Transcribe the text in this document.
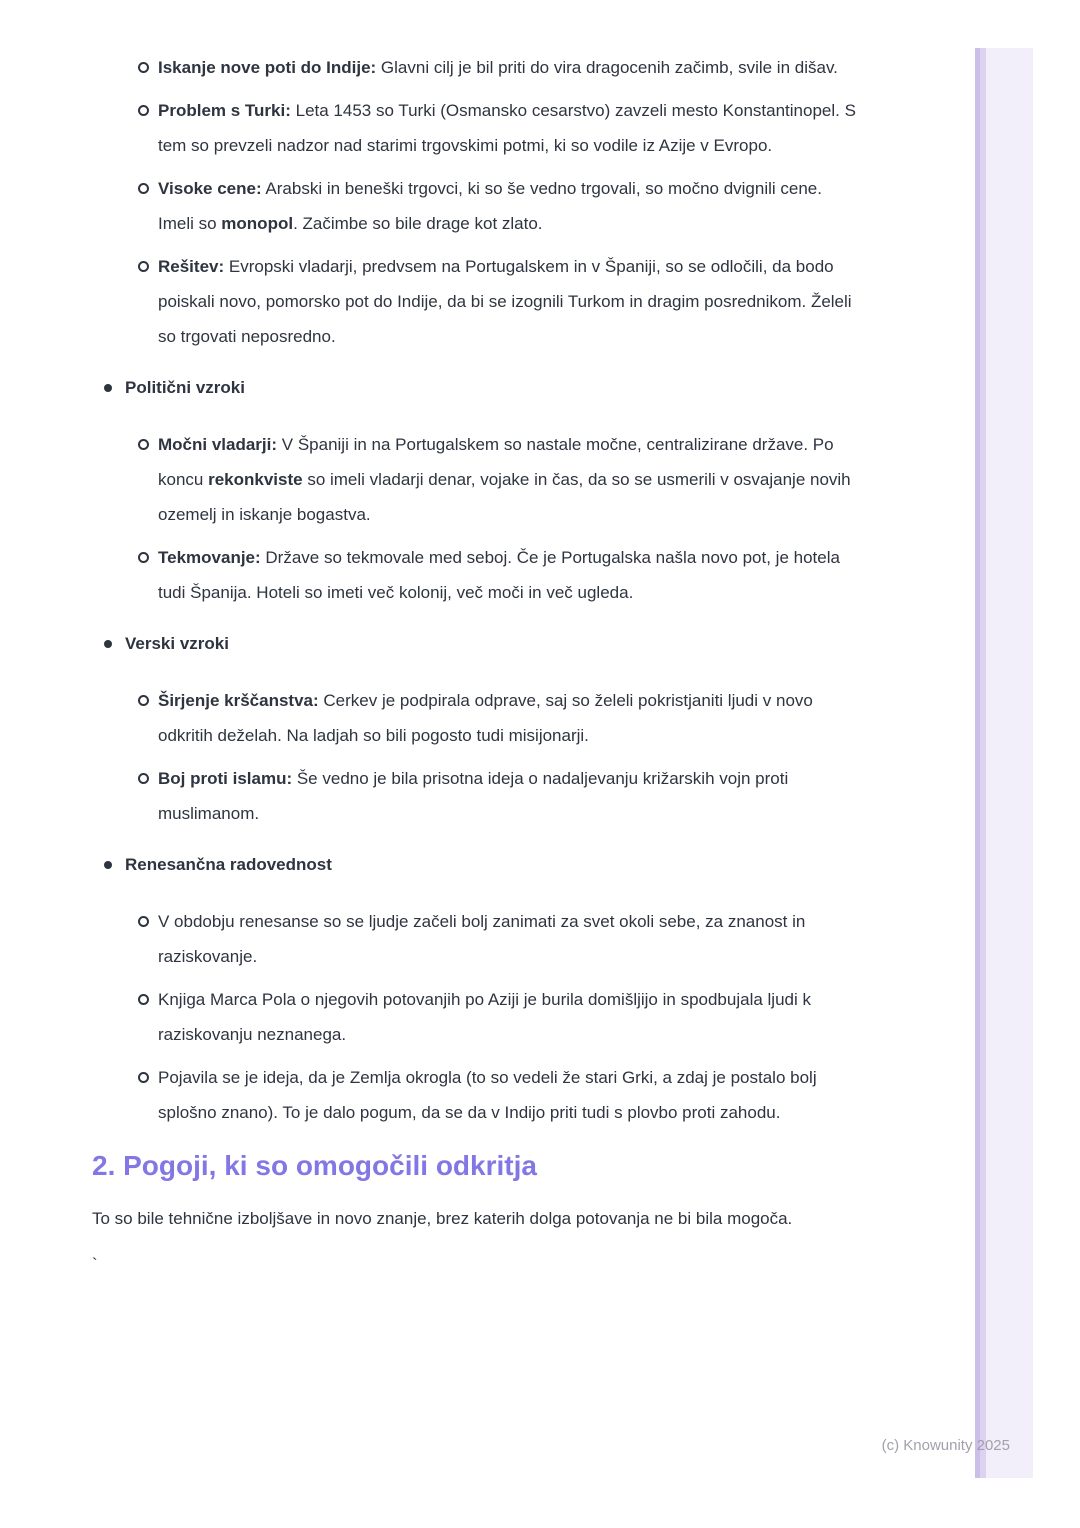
Iskanje nove poti do Indije: Glavni cilj je bil priti do vira dragocenih začimb, svile in dišav.
Problem s Turki: Leta 1453 so Turki (Osmansko cesarstvo) zavzeli mesto Konstantinopel. S tem so prevzeli nadzor nad starimi trgovskimi potmi, ki so vodile iz Azije v Evropo.
Visoke cene: Arabski in beneški trgovci, ki so še vedno trgovali, so močno dvignili cene. Imeli so monopol. Začimbe so bile drage kot zlato.
Rešitev: Evropski vladarji, predvsem na Portugalskem in v Španiji, so se odločili, da bodo poiskali novo, pomorsko pot do Indije, da bi se izognili Turkom in dragim posrednikom. Želeli so trgovati neposredno.
Politični vzroki
Močni vladarji: V Španiji in na Portugalskem so nastale močne, centralizirane države. Po koncu rekonkviste so imeli vladarji denar, vojake in čas, da so se usmerili v osvajanje novih ozemelj in iskanje bogastva.
Tekmovanje: Države so tekmovale med seboj. Če je Portugalska našla novo pot, je hotela tudi Španija. Hoteli so imeti več kolonij, več moči in več ugleda.
Verski vzroki
Širjenje krščanstva: Cerkev je podpirala odprave, saj so želeli pokristjaniti ljudi v novo odkritih deželah. Na ladjah so bili pogosto tudi misijonarji.
Boj proti islamu: Še vedno je bila prisotna ideja o nadaljevanju križarskih vojn proti muslimanom.
Renesančna radovednost
V obdobju renesanse so se ljudje začeli bolj zanimati za svet okoli sebe, za znanost in raziskovanje.
Knjiga Marca Pola o njegovih potovanjih po Aziji je burila domišljijo in spodbujala ljudi k raziskovanju neznanega.
Pojavila se je ideja, da je Zemlja okrogla (to so vedeli že stari Grki, a zdaj je postalo bolj splošno znano). To je dalo pogum, da se da v Indijo priti tudi s plovbo proti zahodu.
2. Pogoji, ki so omogočili odkritja
To so bile tehnične izboljšave in novo znanje, brez katerih dolga potovanja ne bi bila mogoča.
`
(c) Knowunity 2025
